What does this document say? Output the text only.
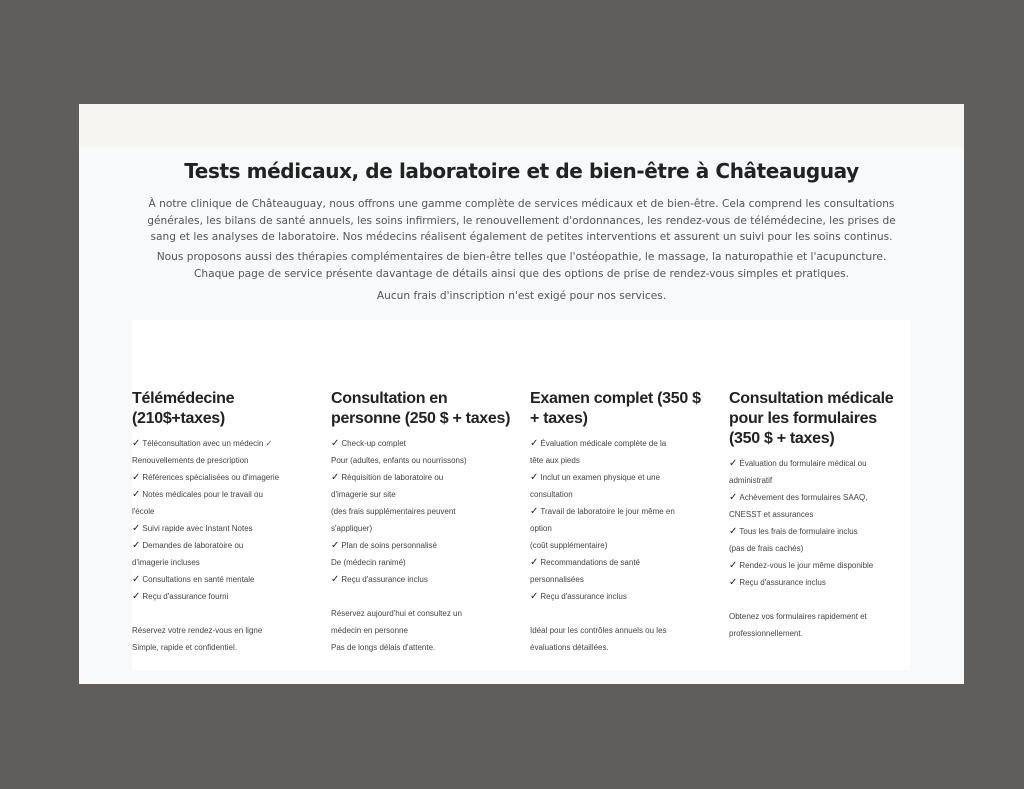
Tests médicaux, de laboratoire et de bien-être à Châteauguay

À notre clinique de Châteauguay, nous offrons une gamme complète de services médicaux et de bien-être. Cela comprend les consultations générales, les bilans de santé annuels, les soins infirmiers, le renouvellement d'ordonnances, les rendez-vous de télémédecine, les prises de sang et les analyses de laboratoire. Nos médecins réalisent également de petites interventions et assurent un suivi pour les soins continus.

Nous proposons aussi des thérapies complémentaires de bien-être telles que l'ostéopathie, le massage, la naturopathie et l'acupuncture. Chaque page de service présente davantage de détails ainsi que des options de prise de rendez-vous simples et pratiques.

Aucun frais d'inscription n'est exigé pour nos services.

Télémédecine (210$+taxes)
✓ Téléconsultation avec un médecin ✓
Renouvellements de prescription
✓ Références spécialisées ou d'imagerie
✓ Notes médicales pour le travail ou
l'école
✓ Suivi rapide avec Instant Notes
✓ Demandes de laboratoire ou
d'imagerie incluses
✓ Consultations en santé mentale
✓ Reçu d'assurance fourni
Réservez votre rendez-vous en ligne
Simple, rapide et confidentiel.
Consultation en personne (250 $ + taxes)
✓ Check-up complet
Pour (adultes, enfants ou nourrissons)
✓ Réquisition de laboratoire ou
d'imagerie sur site
(des frais supplémentaires peuvent
s'appliquer)
✓ Plan de soins personnalisé
De (médecin ranimé)
✓ Reçu d'assurance inclus
Réservez aujourd'hui et consultez un
médecin en personne
Pas de longs délais d'attente.
Examen complet (350 $ + taxes)
✓ Évaluation médicale complète de la
tête aux pieds
✓ Inclut un examen physique et une
consultation
✓ Travail de laboratoire le jour même en
option
(coût supplémentaire)
✓ Recommandations de santé
personnalisées
✓ Reçu d'assurance inclus
Idéal pour les contrôles annuels ou les
évaluations détaillées.
Consultation médicale pour les formulaires (350 $ + taxes)
✓ Évaluation du formulaire médical ou
administratif
✓ Achèvement des formulaires SAAQ,
CNESST et assurances
✓ Tous les frais de formulaire inclus
(pas de frais cachés)
✓ Rendez-vous le jour même disponible
✓ Reçu d'assurance inclus
Obtenez vos formulaires rapidement et
professionnellement.
